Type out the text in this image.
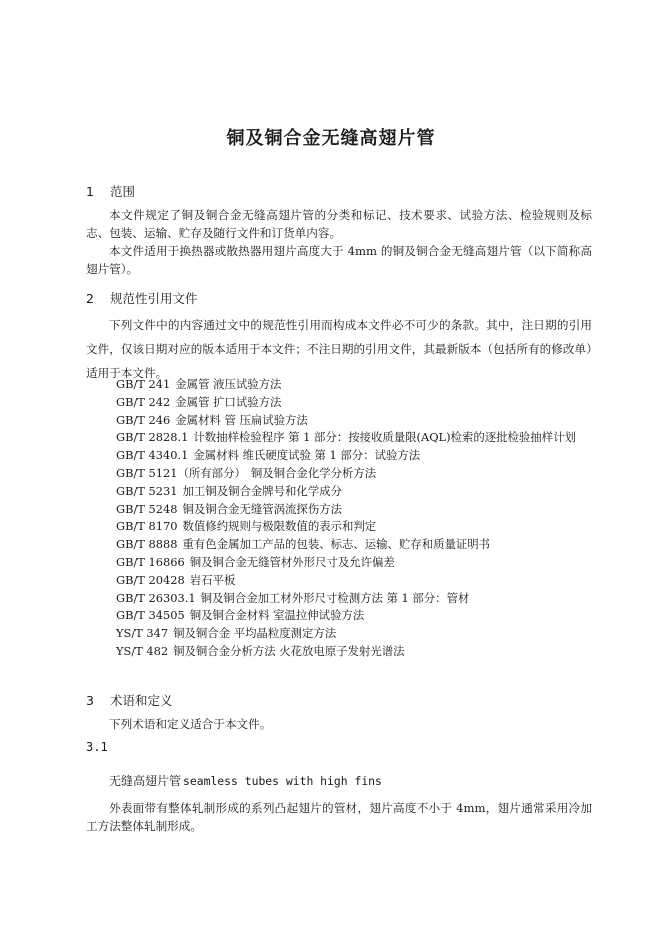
铜及铜合金无缝高翅片管
1 范围

本文件规定了铜及铜合金无缝高翅片管的分类和标记、技术要求、试验方法、检验规则及标志、包装、运输、贮存及随行文件和订货单内容。

本文件适用于换热器或散热器用翅片高度大于 4mm 的铜及铜合金无缝高翅片管（以下简称高翅片管）。

2 规范性引用文件

下列文件中的内容通过文中的规范性引用而构成本文件必不可少的条款。其中，注日期的引用文件，仅该日期对应的版本适用于本文件；不注日期的引用文件，其最新版本（包括所有的修改单）适用于本文件。

GB/T 241 金属管 液压试验方法
GB/T 242 金属管 扩口试验方法
GB/T 246 金属材料 管 压扁试验方法
GB/T 2828.1 计数抽样检验程序 第 1 部分：按接收质量限(AQL)检索的逐批检验抽样计划
GB/T 4340.1 金属材料 维氏硬度试验 第 1 部分：试验方法
GB/T 5121（所有部分） 铜及铜合金化学分析方法
GB/T 5231 加工铜及铜合金牌号和化学成分
GB/T 5248 铜及铜合金无缝管涡流探伤方法
GB/T 8170 数值修约规则与极限数值的表示和判定
GB/T 8888 重有色金属加工产品的包装、标志、运输、贮存和质量证明书
GB/T 16866 铜及铜合金无缝管材外形尺寸及允许偏差
GB/T 20428 岩石平板
GB/T 26303.1 铜及铜合金加工材外形尺寸检测方法 第 1 部分：管材
GB/T 34505 铜及铜合金材料 室温拉伸试验方法
YS/T 347 铜及铜合金 平均晶粒度测定方法
YS/T 482 铜及铜合金分析方法 火花放电原子发射光谱法
3 术语和定义

下列术语和定义适合于本文件。

3.1
无缝高翅片管 seamless tubes with high fins

外表面带有整体轧制形成的系列凸起翅片的管材，翅片高度不小于 4mm，翅片通常采用冷加工方法整体轧制形成。
